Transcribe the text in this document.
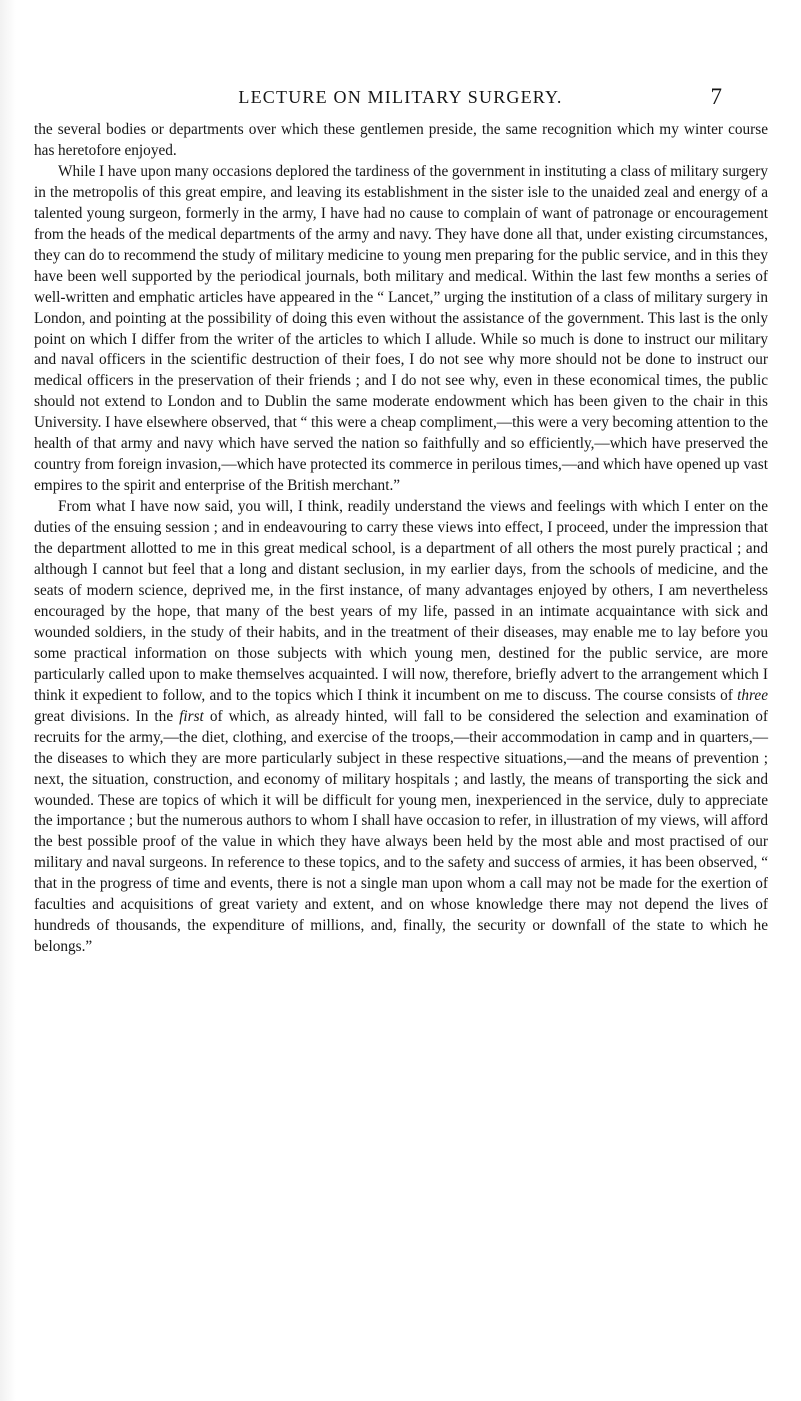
LECTURE ON MILITARY SURGERY.	7

the several bodies or departments over which these gentlemen preside, the same recognition which my winter course has heretofore enjoyed.

While I have upon many occasions deplored the tardiness of the government in instituting a class of military surgery in the metropolis of this great empire, and leaving its establishment in the sister isle to the unaided zeal and energy of a talented young surgeon, formerly in the army, I have had no cause to complain of want of patronage or encouragement from the heads of the medical departments of the army and navy. They have done all that, under existing circumstances, they can do to recommend the study of military medicine to young men preparing for the public service, and in this they have been well supported by the periodical journals, both military and medical. Within the last few months a series of well-written and emphatic articles have appeared in the “ Lancet,” urging the institution of a class of military surgery in London, and pointing at the possibility of doing this even without the assistance of the government. This last is the only point on which I differ from the writer of the articles to which I allude. While so much is done to instruct our military and naval officers in the scientific destruction of their foes, I do not see why more should not be done to instruct our medical officers in the preservation of their friends ; and I do not see why, even in these economical times, the public should not extend to London and to Dublin the same moderate endowment which has been given to the chair in this University. I have elsewhere observed, that “ this were a cheap compliment,—this were a very becoming attention to the health of that army and navy which have served the nation so faithfully and so efficiently,—which have preserved the country from foreign invasion,—which have protected its commerce in perilous times,—and which have opened up vast empires to the spirit and enterprise of the British merchant.”

From what I have now said, you will, I think, readily understand the views and feelings with which I enter on the duties of the ensuing session ; and in endeavouring to carry these views into effect, I proceed, under the impression that the department allotted to me in this great medical school, is a department of all others the most purely practical ; and although I cannot but feel that a long and distant seclusion, in my earlier days, from the schools of medicine, and the seats of modern science, deprived me, in the first instance, of many advantages enjoyed by others, I am nevertheless encouraged by the hope, that many of the best years of my life, passed in an intimate acquaintance with sick and wounded soldiers, in the study of their habits, and in the treatment of their diseases, may enable me to lay before you some practical information on those subjects with which young men, destined for the public service, are more particularly called upon to make themselves acquainted. I will now, therefore, briefly advert to the arrangement which I think it expedient to follow, and to the topics which I think it incumbent on me to discuss. The course consists of three great divisions. In the first of which, as already hinted, will fall to be considered the selection and examination of recruits for the army,—the diet, clothing, and exercise of the troops,—their accommodation in camp and in quarters,—the diseases to which they are more particularly subject in these respective situations,—and the means of prevention ; next, the situation, construction, and economy of military hospitals ; and lastly, the means of transporting the sick and wounded. These are topics of which it will be difficult for young men, inexperienced in the service, duly to appreciate the importance ; but the numerous authors to whom I shall have occasion to refer, in illustration of my views, will afford the best possible proof of the value in which they have always been held by the most able and most practised of our military and naval surgeons. In reference to these topics, and to the safety and success of armies, it has been observed, “ that in the progress of time and events, there is not a single man upon whom a call may not be made for the exertion of faculties and acquisitions of great variety and extent, and on whose knowledge there may not depend the lives of hundreds of thousands, the expenditure of millions, and, finally, the security or downfall of the state to which he belongs.”
